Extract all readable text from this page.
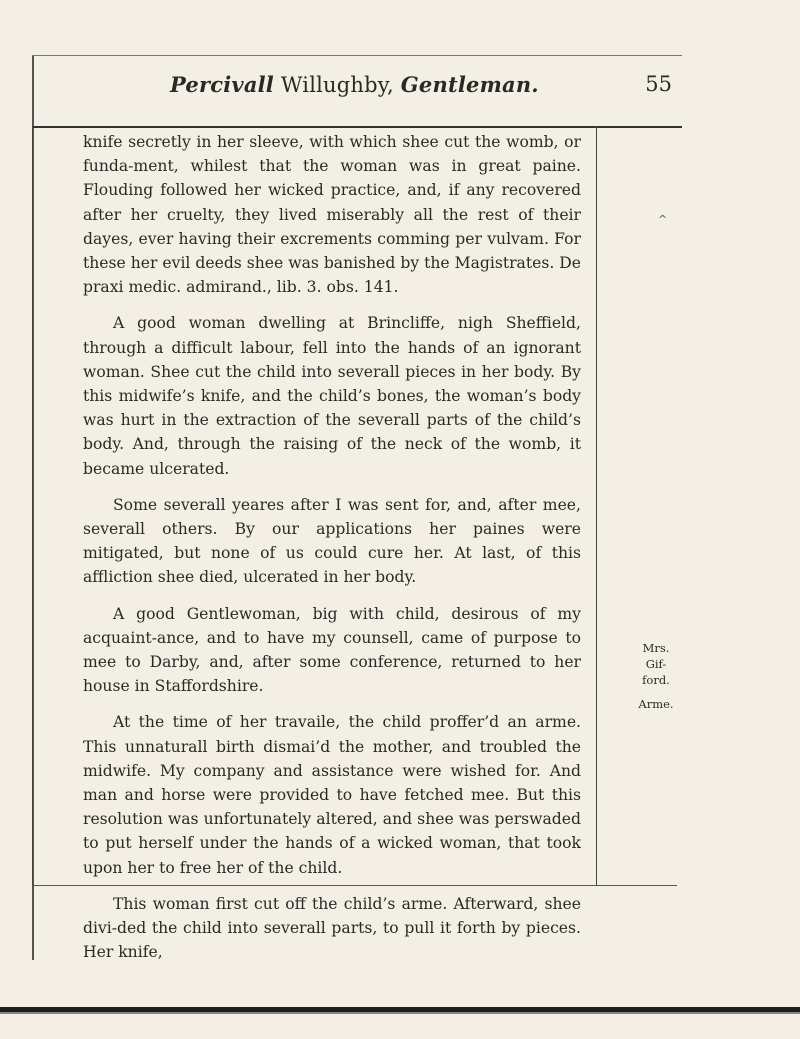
Percivall Willughby, Gentleman.	55

knife secretly in her sleeve, with which shee cut the womb, or funda-ment, whilest that the woman was in great paine. Flouding followed her wicked practice, and, if any recovered after her cruelty, they lived miserably all the rest of their dayes, ever having their excrements comming per vulvam. For these her evil deeds shee was banished by the Magistrates. De praxi medic. admirand., lib. 3. obs. 141.

A good woman dwelling at Brincliffe, nigh Sheffield, through a difficult labour, fell into the hands of an ignorant woman. Shee cut the child into severall pieces in her body. By this midwife’s knife, and the child’s bones, the woman’s body was hurt in the extraction of the severall parts of the child’s body. And, through the raising of the neck of the womb, it became ulcerated.

Some severall yeares after I was sent for, and, after mee, severall others. By our applications her paines were mitigated, but none of us could cure her. At last, of this affliction shee died, ulcerated in her body.

A good Gentlewoman, big with child, desirous of my acquaint-ance, and to have my counsell, came of purpose to mee to Darby, and, after some conference, returned to her house in Staffordshire.

At the time of her travaile, the child proffer’d an arme. This unnaturall birth dismai’d the mother, and troubled the midwife. My company and assistance were wished for. And man and horse were provided to have fetched mee. But this resolution was unfortunately altered, and shee was perswaded to put herself under the hands of a wicked woman, that took upon her to free her of the child.

This woman first cut off the child’s arme. Afterward, shee divi-ded the child into severall parts, to pull it forth by pieces. Her knife,

^
Mrs.
Gif-
ford.
Arme.
